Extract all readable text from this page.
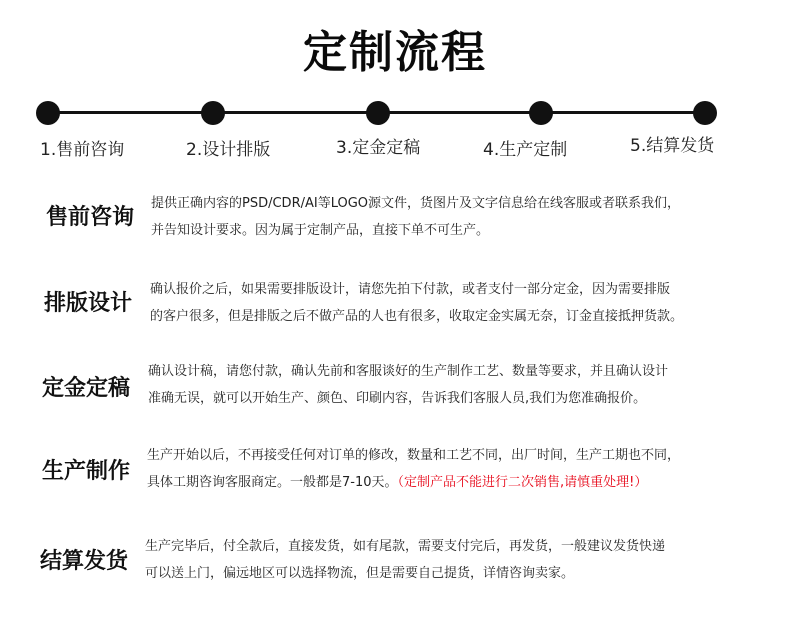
定制流程
1.售前咨询	2.设计排版	3.定金定稿	4.生产定制	5.结算发货
售前咨询
提供正确内容的PSD/CDR/AI等LOGO源文件，货图片及文字信息给在线客服或者联系我们，
并告知设计要求。因为属于定制产品，直接下单不可生产。
排版设计
确认报价之后，如果需要排版设计，请您先拍下付款，或者支付一部分定金，因为需要排版
的客户很多，但是排版之后不做产品的人也有很多，收取定金实属无奈，订金直接抵押货款。
定金定稿
确认设计稿，请您付款，确认先前和客服谈好的生产制作工艺、数量等要求，并且确认设计
准确无误，就可以开始生产、颜色、印刷内容，告诉我们客服人员,我们为您准确报价。
生产制作
生产开始以后，不再接受任何对订单的修改，数量和工艺不同，出厂时间，生产工期也不同，
具体工期咨询客服商定。一般都是7-10天。（定制产品不能进行二次销售,请慎重处理!）
结算发货
生产完毕后，付全款后，直接发货，如有尾款，需要支付完后，再发货，一般建议发货快递
可以送上门，偏远地区可以选择物流，但是需要自己提货，详情咨询卖家。
